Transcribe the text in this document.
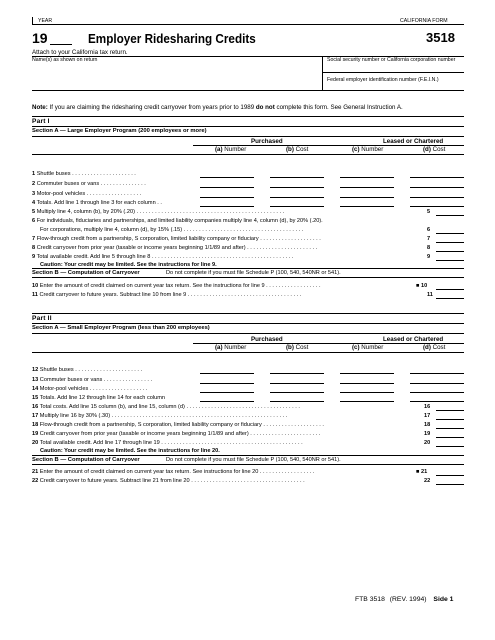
YEAR	CALIFORNIA FORM
19	Employer Ridesharing Credits	3518
Attach to your California tax return.
Name(s) as shown on return	Social security number or California corporation number
Federal employer identification number (F.E.I.N.)
Note: If you are claiming the ridesharing credit carryover from years prior to 1989 do not complete this form. See General Instruction A.
Part I
Section A — Large Employer Program (200 employees or more)
Purchased	Leased or Chartered
(a) Number	(b) Cost	(c) Number	(d) Cost
1 Shuttle buses . . . . . . . . . . . . . . . . . . . . .
2 Commuter buses or vans . . . . . . . . . . . . . . .
3 Motor-pool vehicles . . . . . . . . . . . . . . . . . .
4 Totals. Add line 1 through line 3 for each column . .
5 Multiply line 4, column (b), by 20% (.20) . . . . . . . . . . . . . . . . . . . . . . . . . . . . . . . . . . . . . . . . . . . . . . . .	5
6 For individuals, fiduciaries and partnerships, and limited liability companies multiply line 4, column (d), by 20% (.20).
For corporations, multiply line 4, column (d), by 15% (.15) . . . . . . . . . . . . . . . . . . . . . . . . . . . . . . . . . . . . . . .	6
7 Flow-through credit from a partnership, S corporation, limited liability company or fiduciary . . . . . . . . . . . . . . . . . . . .	7
8 Credit carryover from prior year (taxable or income years beginning 1/1/89 and after) . . . . . . . . . . . . . . . . . . . . . . .	8
9 Total available credit. Add line 5 through line 8 . . . . . . . . . . . . . . . . . . . . . . . . . . . . . . . . . . . . . . . . . . . . . .	9
Caution: Your credit may be limited. See the instructions for line 9.
Section B — Computation of Carryover	Do not complete if you must file Schedule P (100, 540, 540NR or 541).
10 Enter the amount of credit claimed on current year tax return. See the instructions for line 9 . . . . . . . . . . . . . . . . . .	■ 10
11 Credit carryover to future years. Subtract line 10 from line 9 . . . . . . . . . . . . . . . . . . . . . . . . . . . . . . . . . . . . .	11
Part II
Section A — Small Employer Program (less than 200 employees)
Purchased	Leased or Chartered
(a) Number	(b) Cost	(c) Number	(d) Cost
12 Shuttle buses . . . . . . . . . . . . . . . . . . . . . .
13 Commuter buses or vans . . . . . . . . . . . . . . . .
14 Motor-pool vehicles . . . . . . . . . . . . . . . . . . .
15 Totals. Add line 12 through line 14 for each column
16 Total costs. Add line 15 column (b), and line 15, column (d) . . . . . . . . . . . . . . . . . . . . . . . . . . . . . . . . . . . . .	16
17 Multiply line 16 by 30% (.30) . . . . . . . . . . . . . . . . . . . . . . . . . . . . . . . . . . . . . . . . . . . . . . . . . . . . . . . . .	17
18 Flow-through credit from a partnership, S corporation, limited liability company or fiduciary . . . . . . . . . . . . . . . . . . . .	18
19 Credit carryover from prior year (taxable or income years beginning 1/1/89 and after) . . . . . . . . . . . . . . . . . . . . . . .	19
20 Total available credit. Add line 17 through line 19 . . . . . . . . . . . . . . . . . . . . . . . . . . . . . . . . . . . . . . . . . . . . . .	20
Caution: Your credit may be limited. See the instructions for line 20.
Section B — Computation of Carryover	Do not complete if you must file Schedule P (100, 540, 540NR or 541).
21 Enter the amount of credit claimed on current year tax return. See instructions for line 20 . . . . . . . . . . . . . . . . . .	■ 21
22 Credit carryover to future years. Subtract line 21 from line 20 . . . . . . . . . . . . . . . . . . . . . . . . . . . . . . . . . . . . .	22
FTB 3518 (REV. 1994) Side 1
